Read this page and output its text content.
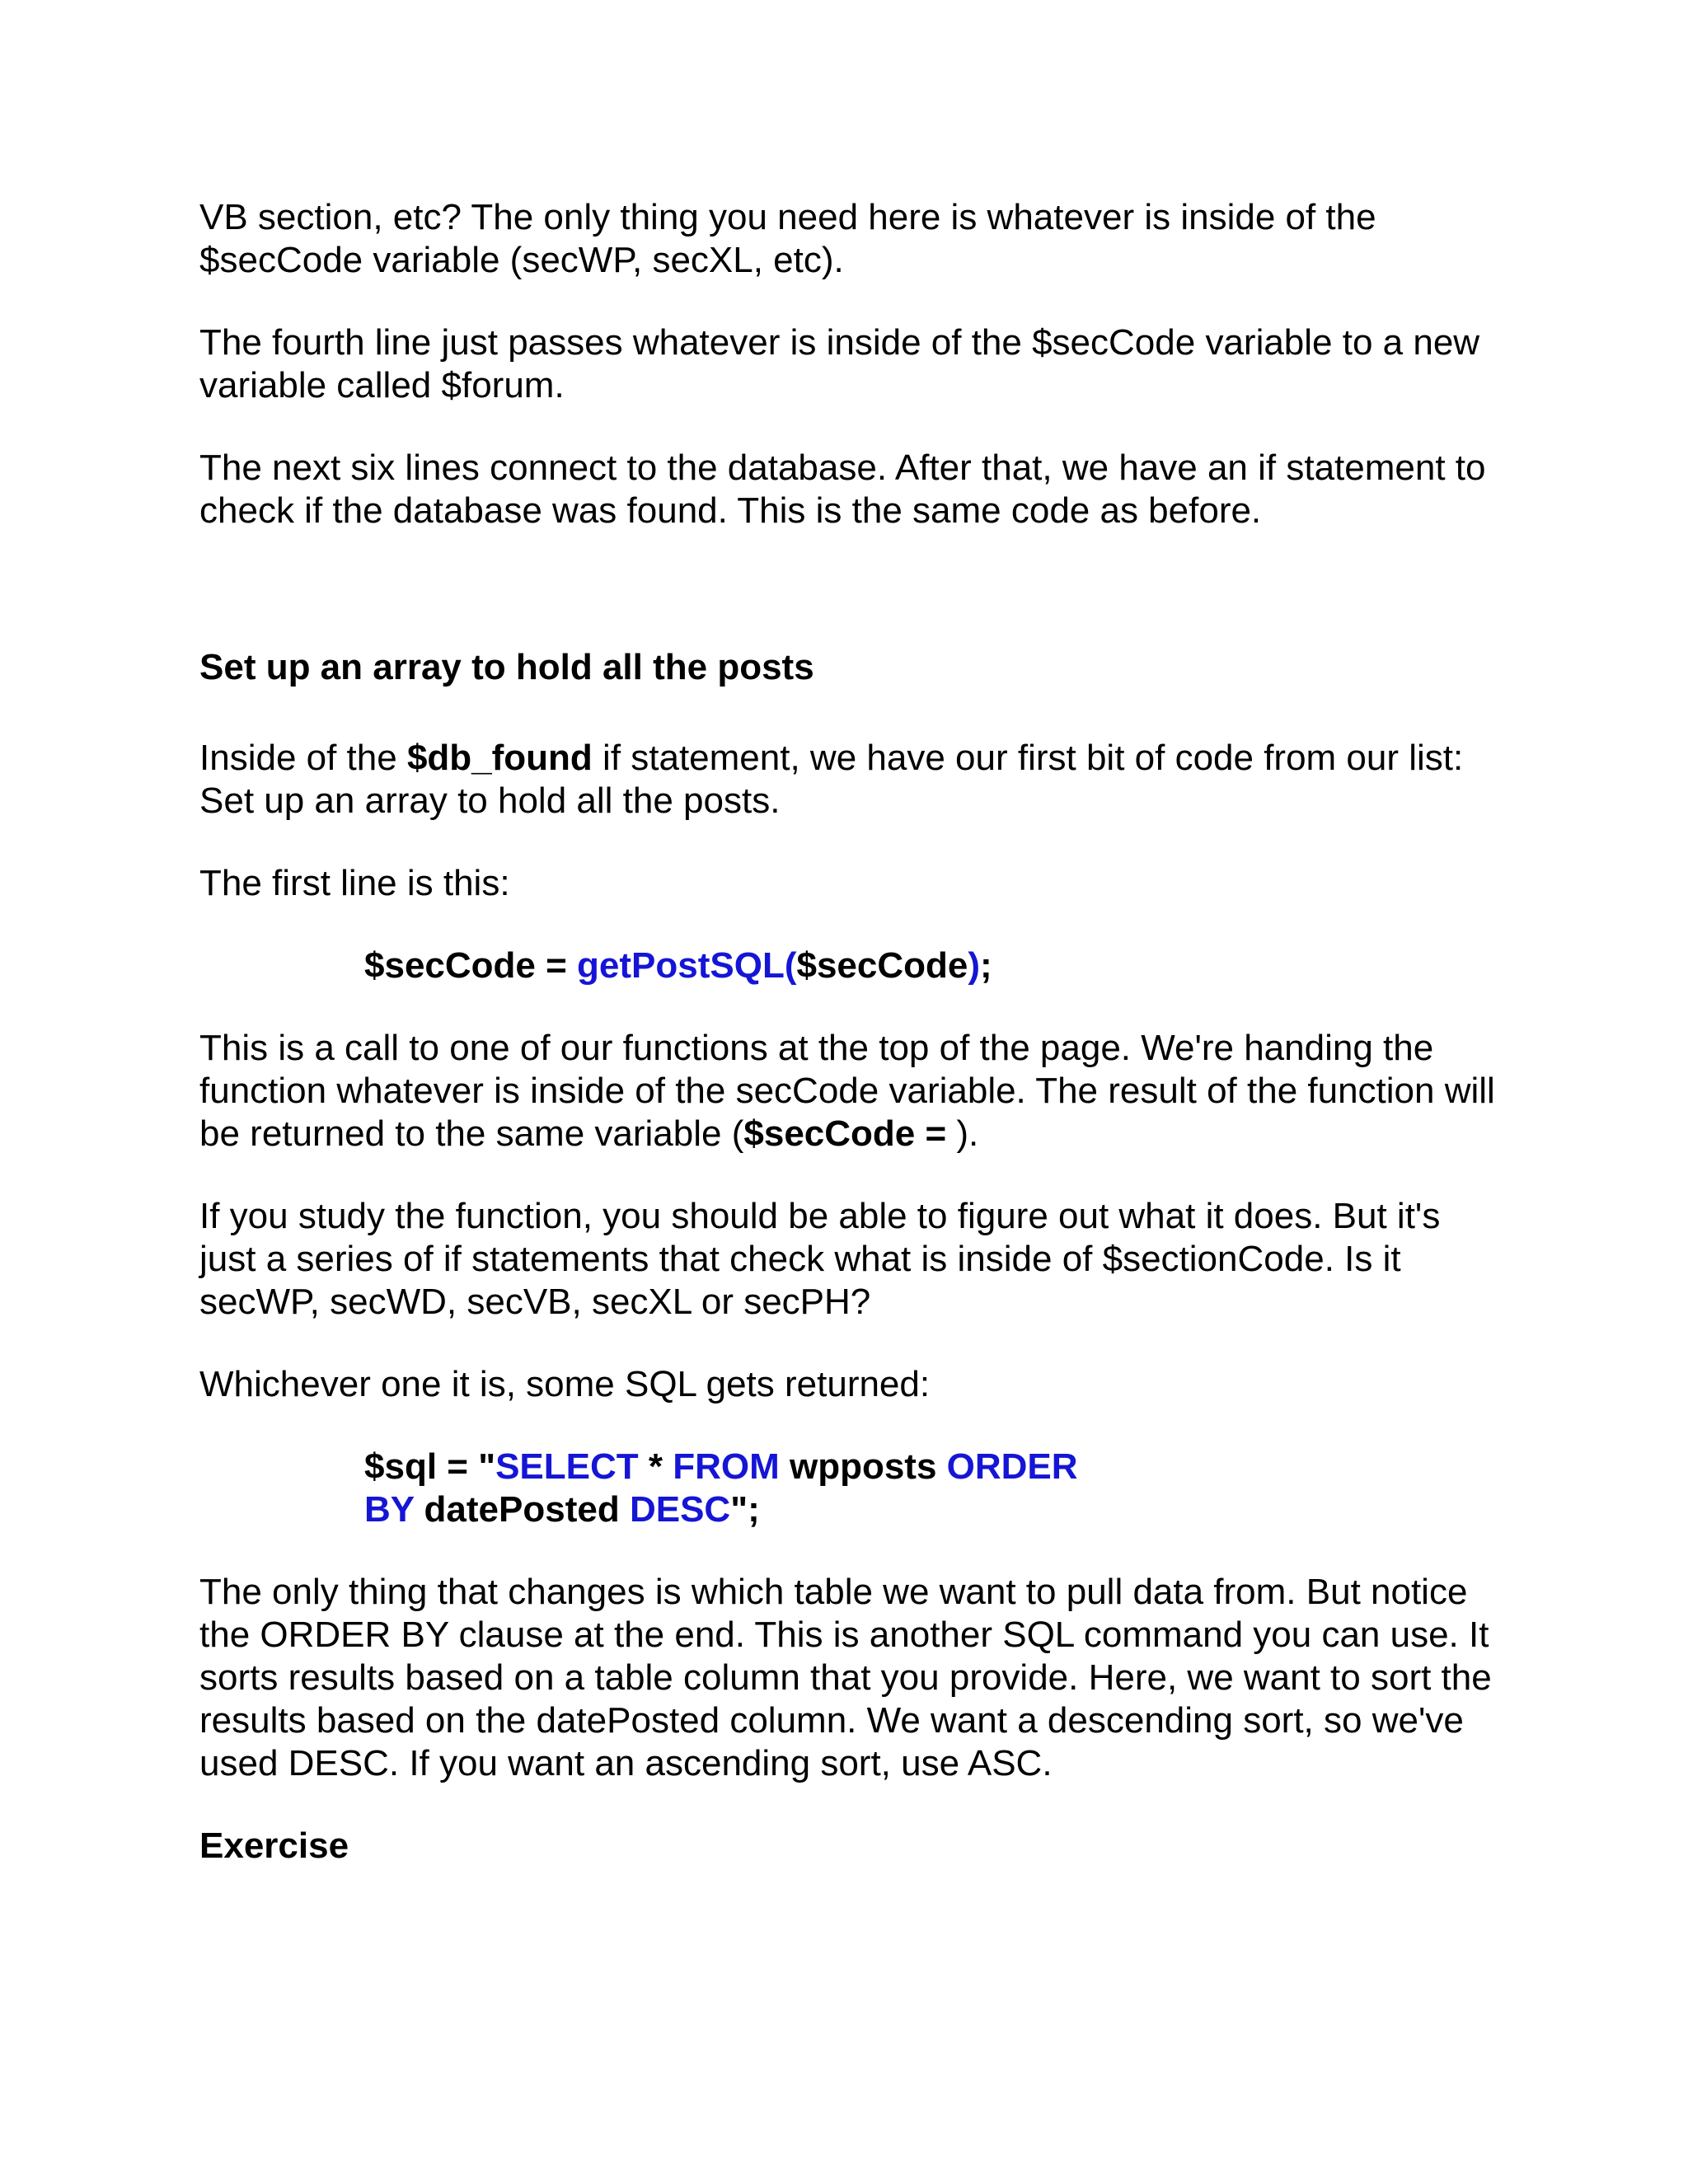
VB section, etc? The only thing you need here is whatever is inside of the $secCode variable (secWP, secXL, etc).

The fourth line just passes whatever is inside of the $secCode variable to a new variable called $forum.

The next six lines connect to the database. After that, we have an if statement to check if the database was found. This is the same code as before.

Set up an array to hold all the posts

Inside of the $db_found if statement, we have our first bit of code from our list: Set up an array to hold all the posts.

The first line is this:

$secCode = getPostSQL($secCode);

This is a call to one of our functions at the top of the page. We're handing the function whatever is inside of the secCode variable. The result of the function will be returned to the same variable ($secCode = ).

If you study the function, you should be able to figure out what it does. But it's just a series of if statements that check what is inside of $sectionCode. Is it secWP, secWD, secVB, secXL or secPH?

Whichever one it is, some SQL gets returned:

$sql = "SELECT * FROM wpposts ORDER
BY datePosted DESC";

The only thing that changes is which table we want to pull data from. But notice the ORDER BY clause at the end. This is another SQL command you can use. It sorts results based on a table column that you provide. Here, we want to sort the results based on the datePosted column. We want a descending sort, so we've used DESC. If you want an ascending sort, use ASC.

Exercise
